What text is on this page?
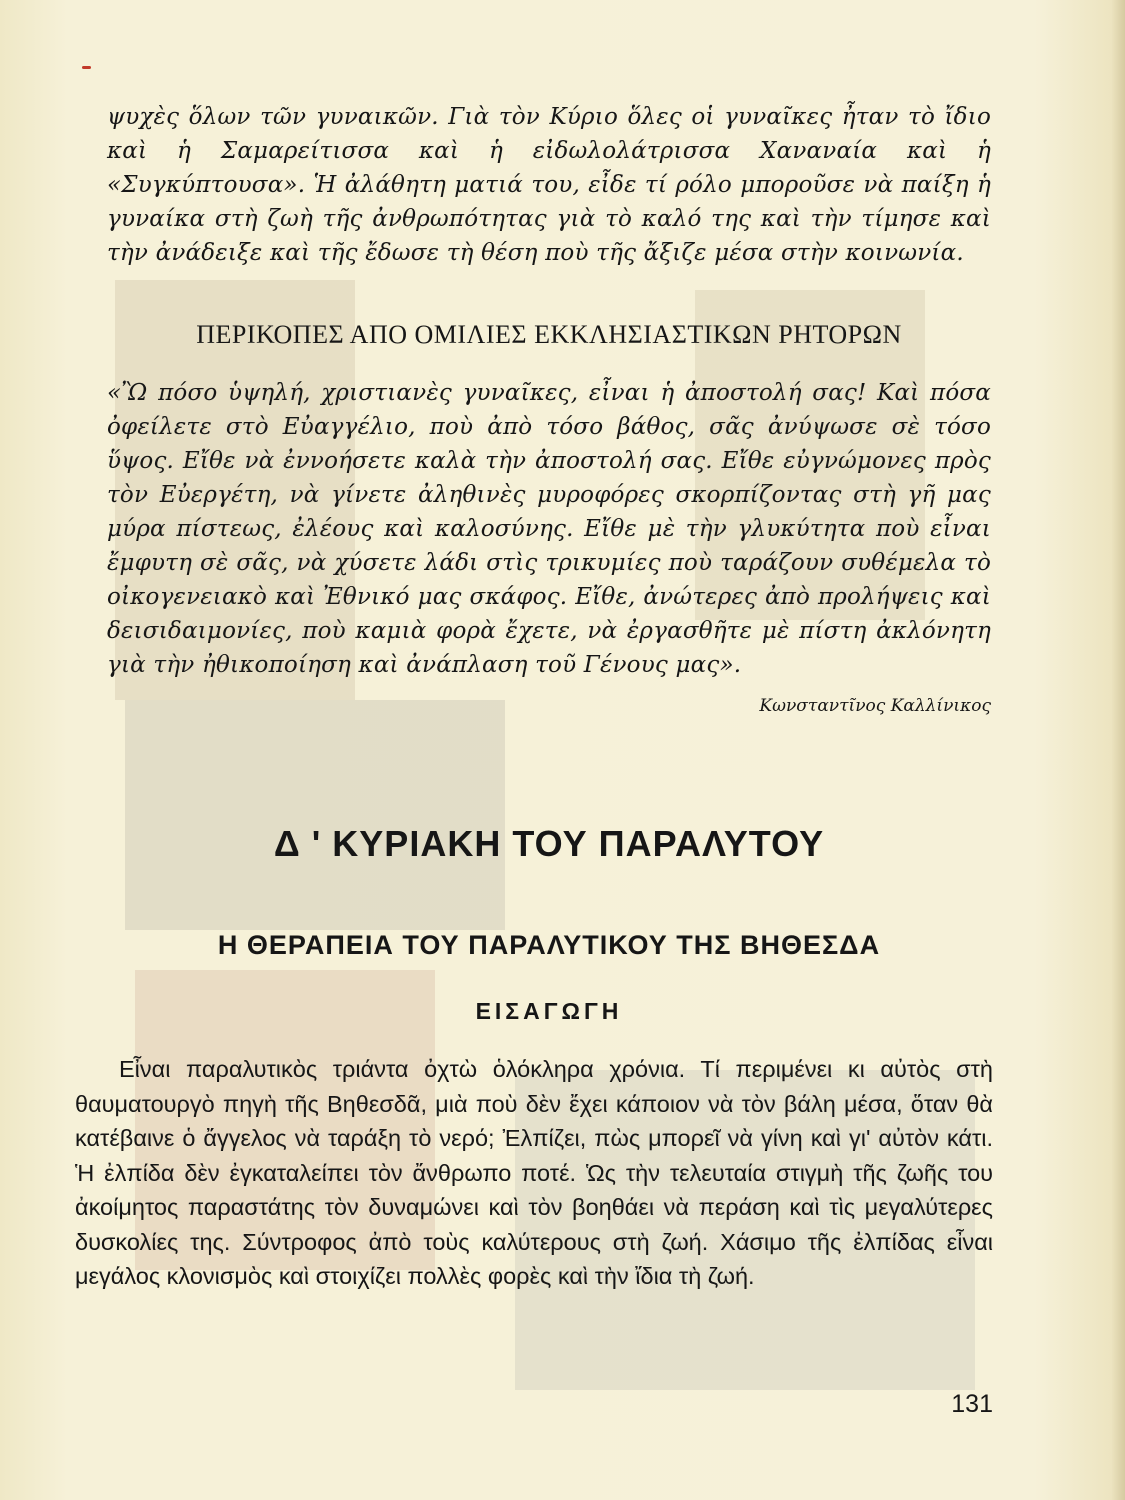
ψυχὲς ὅλων τῶν γυναικῶν. Γιὰ τὸν Κύριο ὅλες οἱ γυναῖκες ἦταν τὸ ἴδιο καὶ ἡ Σαμαρείτισσα καὶ ἡ εἰδωλολάτρισσα Χαναναία καὶ ἡ «Συγκύπτουσα». Ἡ ἀλάθητη ματιά του, εἶδε τί ρόλο μποροῦσε νὰ παίξη ἡ γυναίκα στὴ ζωὴ τῆς ἀνθρωπότητας γιὰ τὸ καλό της καὶ τὴν τίμησε καὶ τὴν ἀνάδειξε καὶ τῆς ἔδωσε τὴ θέση ποὺ τῆς ἄξιζε μέσα στὴν κοινωνία.

ΠΕΡΙΚΟΠΕΣ ΑΠΟ ΟΜΙΛΙΕΣ ΕΚΚΛΗΣΙΑΣΤΙΚΩΝ ΡΗΤΟΡΩΝ

«Ὢ πόσο ὑψηλή, χριστιανὲς γυναῖκες, εἶναι ἡ ἀποστολή σας! Καὶ πόσα ὀφείλετε στὸ Εὐαγγέλιο, ποὺ ἀπὸ τόσο βάθος, σᾶς ἀνύψωσε σὲ τόσο ὕψος. Εἴθε νὰ ἐννοήσετε καλὰ τὴν ἀποστολή σας. Εἴθε εὐγνώμονες πρὸς τὸν Εὐεργέτη, νὰ γίνετε ἀληθινὲς μυροφόρες σκορπίζοντας στὴ γῆ μας μύρα πίστεως, ἐλέους καὶ καλοσύνης. Εἴθε μὲ τὴν γλυκύτητα ποὺ εἶναι ἔμφυτη σὲ σᾶς, νὰ χύσετε λάδι στὶς τρικυμίες ποὺ ταράζουν συθέμελα τὸ οἰκογενειακὸ καὶ Ἐθνικό μας σκάφος. Εἴθε, ἀνώτερες ἀπὸ προλήψεις καὶ δεισιδαιμονίες, ποὺ καμιὰ φορὰ ἔχετε, νὰ ἐργασθῆτε μὲ πίστη ἀκλόνητη γιὰ τὴν ἠθικοποίηση καὶ ἀνάπλαση τοῦ Γένους μας».

Κωνσταντῖνος Καλλίνικος

Δ ' ΚΥΡΙΑΚΗ ΤΟΥ ΠΑΡΑΛΥΤΟΥ
Η ΘΕΡΑΠΕΙΑ ΤΟΥ ΠΑΡΑΛΥΤΙΚΟΥ ΤΗΣ ΒΗΘΕΣΔΑ
ΕΙΣΑΓΩΓΗ

Εἶναι παραλυτικὸς τριάντα ὀχτὼ ὁλόκληρα χρόνια. Τί περιμένει κι αὐτὸς στὴ θαυματουργὸ πηγὴ τῆς Βηθεσδᾶ, μιὰ ποὺ δὲν ἔχει κάποιον νὰ τὸν βάλη μέσα, ὅταν θὰ κατέβαινε ὁ ἄγγελος νὰ ταράξη τὸ νερό; Ἐλπίζει, πὼς μπορεῖ νὰ γίνη καὶ γι' αὐτὸν κάτι. Ἡ ἐλπίδα δὲν ἐγκαταλείπει τὸν ἄνθρωπο ποτέ. Ὡς τὴν τελευταία στιγμὴ τῆς ζωῆς του ἀκοίμητος παραστάτης τὸν δυναμώνει καὶ τὸν βοηθάει νὰ περάση καὶ τὶς μεγαλύτερες δυσκολίες της. Σύντροφος ἀπὸ τοὺς καλύτερους στὴ ζωή. Χάσιμο τῆς ἐλπίδας εἶναι μεγάλος κλονισμὸς καὶ στοιχίζει πολλὲς φορὲς καὶ τὴν ἴδια τὴ ζωή.

131
